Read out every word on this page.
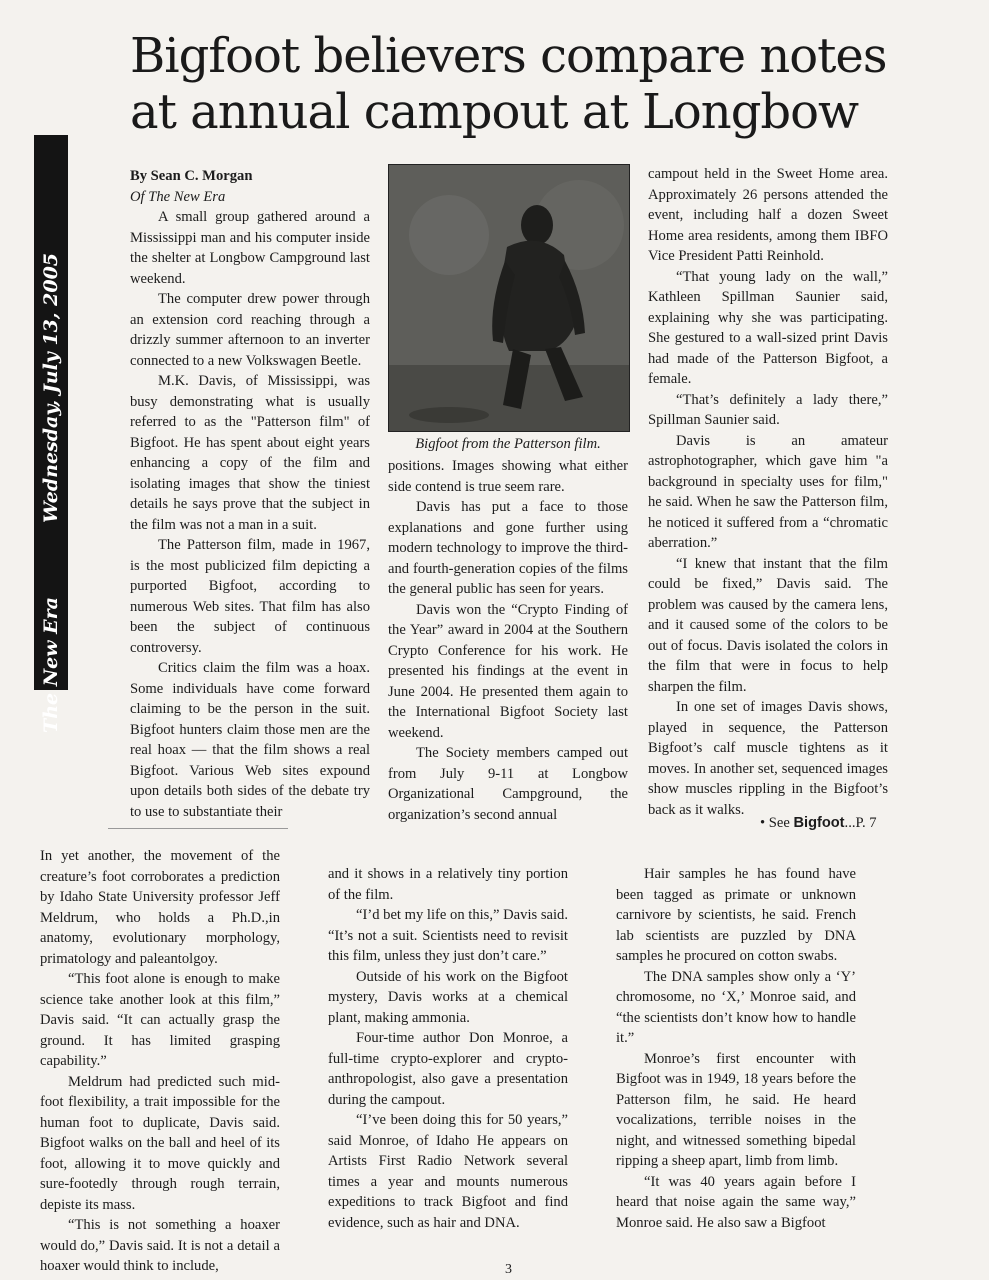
Bigfoot believers compare notes at annual campout at Longbow
Wednesday, July 13, 2005
The New Era

By Sean C. Morgan

Of The New Era

A small group gathered around a Mississippi man and his computer inside the shelter at Longbow Campground last weekend.

The computer drew power through an extension cord reaching through a drizzly summer afternoon to an inverter connected to a new Volkswagen Beetle.

M.K. Davis, of Mississippi, was busy demonstrating what is usually referred to as the "Patterson film" of Bigfoot. He has spent about eight years enhancing a copy of the film and isolating images that show the tiniest details he says prove that the subject in the film was not a man in a suit.

The Patterson film, made in 1967, is the most publicized film depicting a purported Bigfoot, according to numerous Web sites. That film has also been the subject of continuous controversy.

Critics claim the film was a hoax. Some individuals have come forward claiming to be the person in the suit. Bigfoot hunters claim those men are the real hoax — that the film shows a real Bigfoot. Various Web sites expound upon details both sides of the debate try to use to substantiate their

Bigfoot from the Patterson film.

positions. Images showing what either side contend is true seem rare.

Davis has put a face to those explanations and gone further using modern technology to improve the third- and fourth-generation copies of the films the general public has seen for years.

Davis won the “Crypto Finding of the Year” award in 2004 at the Southern Crypto Conference for his work. He presented his findings at the event in June 2004. He presented them again to the International Bigfoot Society last weekend.

The Society members camped out from July 9-11 at Longbow Organizational Campground, the organization’s second annual

campout held in the Sweet Home area. Approximately 26 persons attended the event, including half a dozen Sweet Home area residents, among them IBFO Vice President Patti Reinhold.

“That young lady on the wall,” Kathleen Spillman Saunier said, explaining why she was participating. She gestured to a wall-sized print Davis had made of the Patterson Bigfoot, a female.

“That’s definitely a lady there,” Spillman Saunier said.

Davis is an amateur astrophotographer, which gave him "a background in specialty uses for film," he said. When he saw the Patterson film, he noticed it suffered from a “chromatic aberration.”

“I knew that instant that the film could be fixed,” Davis said. The problem was caused by the camera lens, and it caused some of the colors to be out of focus. Davis isolated the colors in the film that were in focus to help sharpen the film.

In one set of images Davis shows, played in sequence, the Patterson Bigfoot’s calf muscle tightens as it moves. In another set, sequenced images show muscles rippling in the Bigfoot’s back as it walks.

• See Bigfoot...P. 7

In yet another, the movement of the creature’s foot corroborates a prediction by Idaho State University professor Jeff Meldrum, who holds a Ph.D.,in anatomy, evolutionary morphology, primatology and paleantolgoy.

“This foot alone is enough to make science take another look at this film,” Davis said. “It can actually grasp the ground. It has limited grasping capability.”

Meldrum had predicted such mid-foot flexibility, a trait impossible for the human foot to duplicate, Davis said. Bigfoot walks on the ball and heel of its foot, allowing it to move quickly and sure-footedly through rough terrain, depiste its mass.

“This is not something a hoaxer would do,” Davis said. It is not a detail a hoaxer would think to include,

and it shows in a relatively tiny portion of the film.

“I’d bet my life on this,” Davis said. “It’s not a suit. Scientists need to revisit this film, unless they just don’t care.”

Outside of his work on the Bigfoot mystery, Davis works at a chemical plant, making ammonia.

Four-time author Don Monroe, a full-time crypto-explorer and crypto-anthropologist, also gave a presentation during the campout.

“I’ve been doing this for 50 years,” said Monroe, of Idaho He appears on Artists First Radio Network several times a year and mounts numerous expeditions to track Bigfoot and find evidence, such as hair and DNA.

Hair samples he has found have been tagged as primate or unknown carnivore by scientists, he said. French lab scientists are puzzled by DNA samples he procured on cotton swabs.

The DNA samples show only a ‘Y’ chromosome, no ‘X,’ Monroe said, and “the scientists don’t know how to handle it.”

Monroe’s first encounter with Bigfoot was in 1949, 18 years before the Patterson film, he said. He heard vocalizations, terrible noises in the night, and witnessed something bipedal ripping a sheep apart, limb from limb.

“It was 40 years again before I heard that noise again the same way,” Monroe said. He also saw a Bigfoot

3
